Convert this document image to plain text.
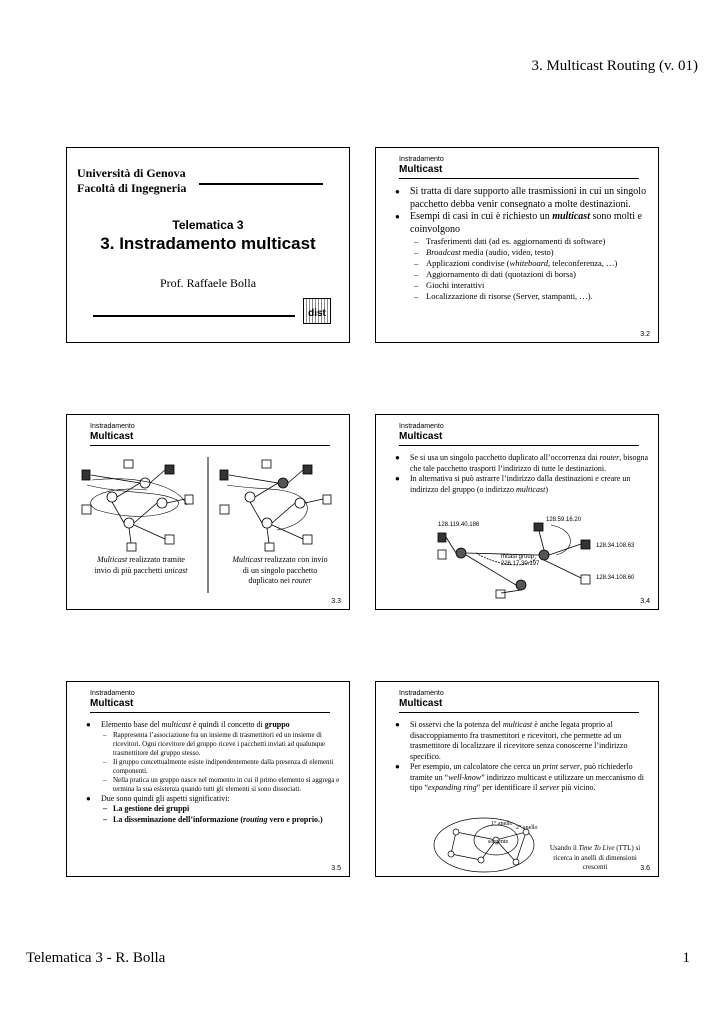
3. Multicast Routing (v. 01)
Università di Genova
Facoltà di Ingegneria
Telematica 3
3. Instradamento multicast
Prof. Raffaele Bolla
dist
Instradamento
Multicast
● Si tratta di dare supporto alle trasmissioni in cui un singolo pacchetto debba venir consegnato a molte destinazioni.
● Esempi di casi in cui è richiesto un multicast sono molti e coinvolgono
– Trasferimenti dati (ad es. aggiornamenti di software)
– Broadcast media (audio, video, testo)
– Applicazioni condivise (whiteboard, teleconferenza, …)
– Aggiornamento di dati (quotazioni di borsa)
– Giochi interattivi
– Localizzazione di risorse (Server, stampanti, …).
3.2
Instradamento
Multicast
Multicast realizzato tramite
invio di più pacchetti unicast
Multicast realizzato con invio
di un singolo pacchetto
duplicato nei router
3.3
Instradamento
Multicast
● Se si usa un singolo pacchetto duplicato all’occorrenza dai router, bisogna che tale pacchetto trasporti l’indirizzo di tutte le destinazioni.
● In alternativa si può astrarre l’indirizzo dalla destinazioni e creare un indirizzo del gruppo (o indirizzo multicast)
128.119.40.186
128.59.16.20
128.34.108.63
128.34.108.60
mcast group
226.17.30.197
3.4
Instradamento
Multicast
● Elemento base del multicast è quindi il concetto di gruppo
– Rappresenta l’associazione fra un insieme di trasmettitori ed un insieme di ricevitori. Ogni ricevitore del gruppo riceve i pacchetti inviati ad qualunque trasmettitore del gruppo stesso.
– Il gruppo concettualmente esiste indipendentemente dalla presenza di elementi componenti.
– Nella pratica un gruppo nasce nel momento in cui il primo elemento si aggrega e termina la sua esistenza quando tutti gli elementi si sono dissociati.
● Due sono quindi gli aspetti significativi:
– La gestione dei gruppi
– La disseminazione dell’informazione (routing vero e proprio.)
3.5
Instradamento
Multicast
● Si osservi che la potenza del multicast è anche legata proprio al disaccoppiamento fra trasmettitori e ricevitori, che permette ad un trasmettitore di localizzare il ricevitore senza conoscerne l’indirizzo specifico.
● Per esempio, un calcolatore che cerca un print server, può richiederlo tramite un “well-know” indirizzo multicast e utilizzare un meccanismo di tipo “expanding ring” per identificare il server più vicino.
1° anello
2° anello
sorgente
Usando il Time To Live (TTL) si
ricerca in anelli di dimensioni
crescenti	3.6
Telematica 3 - R. Bolla	1
